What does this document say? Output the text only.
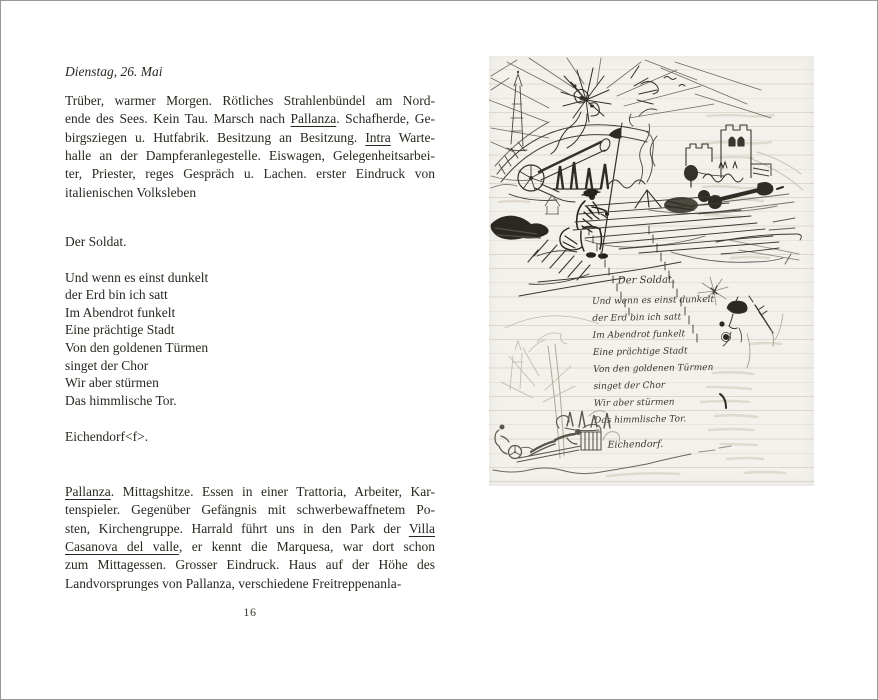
Dienstag, 26. Mai
Trüber, warmer Morgen. Rötliches Strahlenbündel am Nord-
ende des Sees. Kein Tau. Marsch nach Pallanza. Schafherde, Ge-
birgsziegen u. Hutfabrik. Besitzung an Besitzung. Intra Warte-
halle an der Dampferanlegestelle. Eiswagen, Gelegenheitsarbei-
ter, Priester, reges Gespräch u. Lachen. erster Eindruck von
italienischen Volksleben
Der Soldat.
Und wenn es einst dunkelt
der Erd bin ich satt
Im Abendrot funkelt
Eine prächtige Stadt
Von den goldenen Türmen
singet der Chor
Wir aber stürmen
Das himmlische Tor.
Eichendorf<f>.
Pallanza. Mittagshitze. Essen in einer Trattoria, Arbeiter, Kar-
tenspieler. Gegenüber Gefängnis mit schwerbewaffnetem Po-
sten, Kirchengruppe. Harrald führt uns in den Park der Villa
Casanova del valle, er kennt die Marquesa, war dort schon
zum Mittagessen. Grosser Eindruck. Haus auf der Höhe des
Landvorsprunges von Pallanza, verschiedene Freitreppenanla-
16
Der Soldat.
Und wenn es einst dunkelt
der Erd bin ich satt
Im Abendrot funkelt
Eine prächtige Stadt
Von den goldenen Türmen
singet der Chor
Wir aber stürmen
Das himmlische Tor.
Eichendorf.
